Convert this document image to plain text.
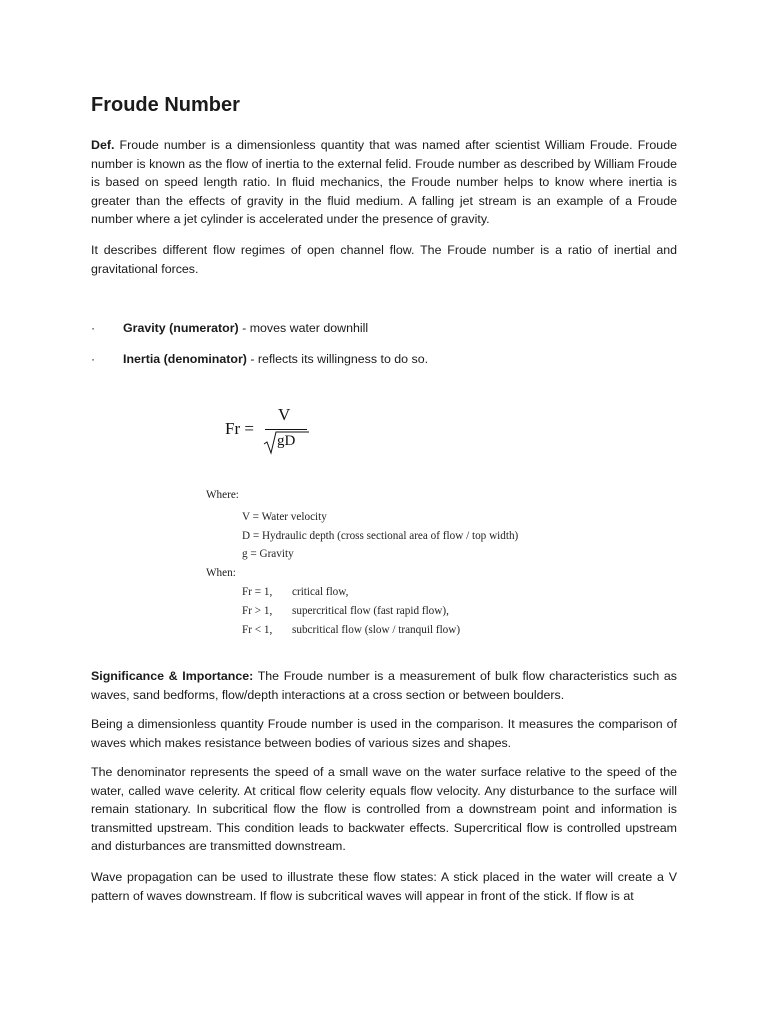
Froude Number

Def. Froude number is a dimensionless quantity that was named after scientist William Froude. Froude number is known as the flow of inertia to the external felid. Froude number as described by William Froude is based on speed length ratio. In fluid mechanics, the Froude number helps to know where inertia is greater than the effects of gravity in the fluid medium. A falling jet stream is an example of a Froude number where a jet cylinder is accelerated under the presence of gravity.

It describes different flow regimes of open channel flow. The Froude number is a ratio of inertial and gravitational forces.

·	Gravity (numerator) - moves water downhill
·	Inertia (denominator) - reflects its willingness to do so.
Fr =
V
gD
Where:
V = Water velocity
D = Hydraulic depth (cross sectional area of flow / top width)
g = Gravity
When:
Fr = 1, critical flow,
Fr > 1, supercritical flow (fast rapid flow),
Fr < 1, subcritical flow (slow / tranquil flow)

Significance & Importance: The Froude number is a measurement of bulk flow characteristics such as waves, sand bedforms, flow/depth interactions at a cross section or between boulders.

Being a dimensionless quantity Froude number is used in the comparison. It measures the comparison of waves which makes resistance between bodies of various sizes and shapes.

The denominator represents the speed of a small wave on the water surface relative to the speed of the water, called wave celerity. At critical flow celerity equals flow velocity. Any disturbance to the surface will remain stationary. In subcritical flow the flow is controlled from a downstream point and information is transmitted upstream. This condition leads to backwater effects. Supercritical flow is controlled upstream and disturbances are transmitted downstream.

Wave propagation can be used to illustrate these flow states: A stick placed in the water will create a V pattern of waves downstream. If flow is subcritical waves will appear in front of the stick. If flow is at
